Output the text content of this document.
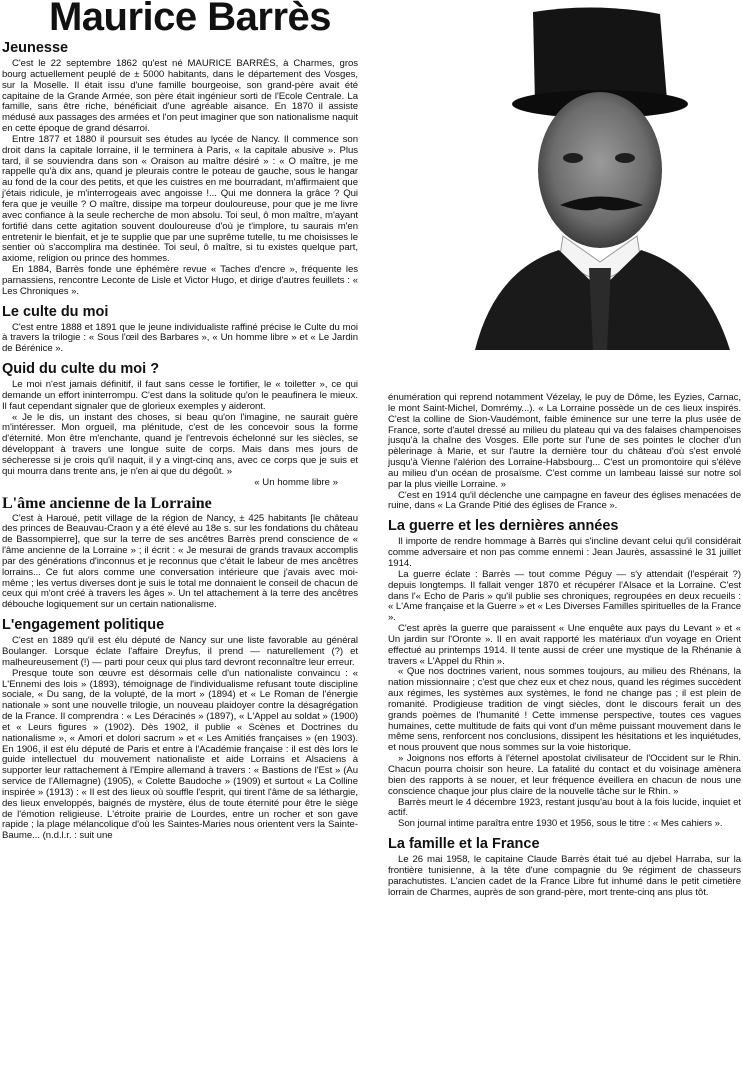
Maurice Barrès
Jeunesse

C'est le 22 septembre 1862 qu'est né MAURICE BARRÈS, à Charmes, gros bourg actuellement peuplé de ± 5000 habitants, dans le département des Vosges, sur la Moselle. Il était issu d'une famille bourgeoise, son grand-père avait été capitaine de la Grande Armée, son père était ingénieur sorti de l'Ecole Centrale. La famille, sans être riche, bénéficiait d'une agréable aisance. En 1870 il assiste médusé aux passages des armées et l'on peut imaginer que son nationalisme naquit en cette époque de grand désarroi.

Entre 1877 et 1880 il poursuit ses études au lycée de Nancy. Il commence son droit dans la capitale lorraine, il le terminera à Paris, « la capitale abusive ». Plus tard, il se souviendra dans son « Oraison au maître désiré » : « O maître, je me rappelle qu'à dix ans, quand je pleurais contre le poteau de gauche, sous le hangar au fond de la cour des petits, et que les cuistres en me bourradant, m'affirmaient que j'étais ridicule, je m'interrogeais avec angoisse !... Qui me donnera la grâce ? Qui fera que je veuille ? O maître, dissipe ma torpeur douloureuse, pour que je me livre avec confiance à la seule recherche de mon absolu. Toi seul, ô mon maître, m'ayant fortifié dans cette agitation souvent douloureuse d'où je t'implore, tu saurais m'en entretenir le bienfait, et je te supplie que par une suprême tutelle, tu me choisisses le sentier où s'accomplira ma destinée. Toi seul, ô maître, si tu existes quelque part, axiome, religion ou prince des hommes.

En 1884, Barrès fonde une éphémère revue « Taches d'encre », fréquente les parnassiens, rencontre Leconte de Lisle et Victor Hugo, et dirige d'autres feuillets : « Les Chroniques ».

Le culte du moi

C'est entre 1888 et 1891 que le jeune individualiste raffiné précise le Culte du moi à travers la trilogie : « Sous l'œil des Barbares », « Un homme libre » et « Le Jardin de Bérénice ».

Quid du culte du moi ?

Le moi n'est jamais définitif, il faut sans cesse le fortifier, le « toiletter », ce qui demande un effort ininterrompu. C'est dans la solitude qu'on le peaufinera le mieux. Il faut cependant signaler que de glorieux exemples y aideront.

« Je le dis, un instant des choses, si beau qu'on l'imagine, ne saurait guère m'intéresser. Mon orgueil, ma plénitude, c'est de les concevoir sous la forme d'éternité. Mon être m'enchante, quand je l'entrevois échelonné sur les siècles, se développant à travers une longue suite de corps. Mais dans mes jours de sécheresse si je crois qu'il naquit, il y a vingt-cinq ans, avec ce corps que je suis et qui mourra dans trente ans, je n'en ai que du dégoût. »

« Un homme libre »

L'âme ancienne de la Lorraine

C'est à Haroué, petit village de la région de Nancy, ± 425 habitants [le château des princes de Beauvau-Craon y a été élevé au 18e s. sur les fondations du château de Bassompierre], que sur la terre de ses ancêtres Barrès prend conscience de « l'âme ancienne de la Lorraine » ; il écrit : « Je mesurai de grands travaux accomplis par des générations d'inconnus et je reconnus que c'était le labeur de mes ancêtres lorrains... Ce fut alors comme une conversation intérieure que j'avais avec moi-même ; les vertus diverses dont je suis le total me donnaient le conseil de chacun de ceux qui m'ont créé à travers les âges ». Un tel attachement à la terre des ancêtres débouche logiquement sur un certain nationalisme.

L'engagement politique

C'est en 1889 qu'il est élu député de Nancy sur une liste favorable au général Boulanger. Lorsque éclate l'affaire Dreyfus, il prend — naturellement (?) et malheureusement (!) — parti pour ceux qui plus tard devront reconnaître leur erreur.

Presque toute son œuvre est désormais celle d'un nationaliste convaincu : « L'Ennemi des lois » (1893), témoignage de l'individualisme refusant toute discipline sociale, « Du sang, de la volupté, de la mort » (1894) et « Le Roman de l'énergie nationale » sont une nouvelle trilogie, un nouveau plaidoyer contre la désagrégation de la France. Il comprendra : « Les Déracinés » (1897), « L'Appel au soldat » (1900) et « Leurs figures » (1902). Dès 1902, il publie « Scènes et Doctrines du nationalisme », « Amori et dolori sacrum » et « Les Amitiés françaises » (en 1903). En 1906, il est élu député de Paris et entre à l'Académie française : il est dès lors le guide intellectuel du mouvement nationaliste et aide Lorrains et Alsaciens à supporter leur rattachement à l'Empire allemand à travers : « Bastions de l'Est » (Au service de l'Allemagne) (1905), « Colette Baudoche » (1909) et surtout « La Colline inspirée » (1913) : « Il est des lieux où souffle l'esprit, qui tirent l'âme de sa léthargie, des lieux enveloppés, baignés de mystère, élus de toute éternité pour être le siège de l'émotion religieuse. L'étroite prairie de Lourdes, entre un rocher et son gave rapide ; la plage mélancolique d'où les Saintes-Maries nous orientent vers la Sainte-Baume... (n.d.l.r. : suit une

énumération qui reprend notamment Vézelay, le puy de Dôme, les Eyzies, Carnac, le mont Saint-Michel, Domrémy...). « La Lorraine possède un de ces lieux inspirés. C'est la colline de Sion-Vaudémont, faible éminence sur une terre la plus usée de France, sorte d'autel dressé au milieu du plateau qui va des falaises champenoises jusqu'à la chaîne des Vosges. Elle porte sur l'une de ses pointes le clocher d'un pèlerinage à Marie, et sur l'autre la dernière tour du château d'où s'est envolé jusqu'à Vienne l'alérion des Lorraine-Habsbourg... C'est un promontoire qui s'élève au milieu d'un océan de prosaïsme. C'est comme un lambeau laissé sur notre sol par la plus vieille Lorraine. »

C'est en 1914 qu'il déclenche une campagne en faveur des églises menacées de ruine, dans « La Grande Pitié des églises de France ».

La guerre et les dernières années

Il importe de rendre hommage à Barrès qui s'incline devant celui qu'il considérait comme adversaire et non pas comme ennemi : Jean Jaurès, assassiné le 31 juillet 1914.

La guerre éclate : Barrès — tout comme Péguy — s'y attendait (l'espérait ?) depuis longtemps. Il fallait venger 1870 et récupérer l'Alsace et la Lorraine. C'est dans l'« Echo de Paris » qu'il publie ses chroniques, regroupées en deux recueils : « L'Ame française et la Guerre » et « Les Diverses Familles spirituelles de la France ».

C'est après la guerre que paraissent « Une enquête aux pays du Levant » et « Un jardin sur l'Oronte ». Il en avait rapporté les matériaux d'un voyage en Orient effectué au printemps 1914. Il tente aussi de créer une mystique de la Rhénanie à travers « L'Appel du Rhin ».

« Que nos doctrines varient, nous sommes toujours, au milieu des Rhénans, la nation missionnaire ; c'est que chez eux et chez nous, quand les régimes succèdent aux régimes, les systèmes aux systèmes, le fond ne change pas ; il est plein de romanité. Prodigieuse tradition de vingt siècles, dont le discours ferait un des grands poèmes de l'humanité ! Cette immense perspective, toutes ces vagues humaines, cette multitude de faits qui vont d'un même puissant mouvement dans le même sens, renforcent nos conclusions, dissipent les hésitations et les inquiétudes, et nous prouvent que nous sommes sur la voie historique.

» Joignons nos efforts à l'éternel apostolat civilisateur de l'Occident sur le Rhin. Chacun pourra choisir son heure. La fatalité du contact et du voisinage amènera bien des rapports à se nouer, et leur fréquence éveillera en chacun de nous une conscience chaque jour plus claire de la nouvelle tâche sur le Rhin. »

Barrès meurt le 4 décembre 1923, restant jusqu'au bout à la fois lucide, inquiet et actif.

Son journal intime paraîtra entre 1930 et 1956, sous le titre : « Mes cahiers ».

La famille et la France

Le 26 mai 1958, le capitaine Claude Barrès était tué au djebel Harraba, sur la frontière tunisienne, à la tête d'une compagnie du 9e régiment de chasseurs parachutistes. L'ancien cadet de la France Libre fut inhumé dans le petit cimetière lorrain de Charmes, auprès de son grand-père, mort trente-cinq ans plus tôt.
